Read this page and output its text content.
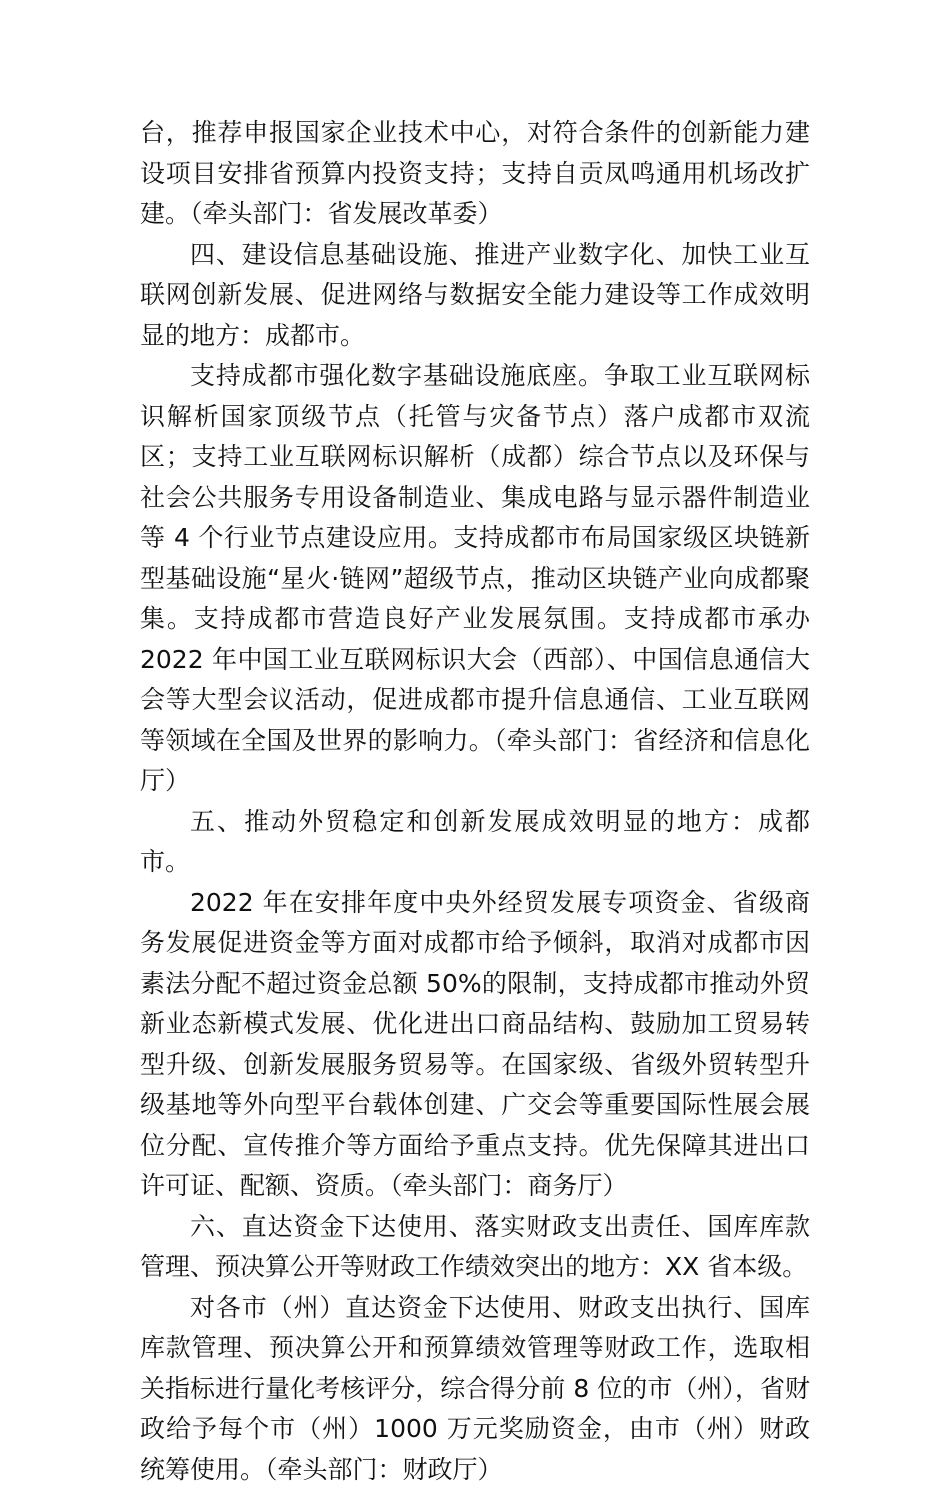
台，推荐申报国家企业技术中心，对符合条件的创新能力建设项目安排省预算内投资支持；支持自贡凤鸣通用机场改扩建。（牵头部门：省发展改革委）

四、建设信息基础设施、推进产业数字化、加快工业互联网创新发展、促进网络与数据安全能力建设等工作成效明显的地方：成都市。

支持成都市强化数字基础设施底座。争取工业互联网标识解析国家顶级节点（托管与灾备节点）落户成都市双流区；支持工业互联网标识解析（成都）综合节点以及环保与社会公共服务专用设备制造业、集成电路与显示器件制造业等 4 个行业节点建设应用。支持成都市布局国家级区块链新型基础设施“星火·链网”超级节点，推动区块链产业向成都聚集。支持成都市营造良好产业发展氛围。支持成都市承办 2022 年中国工业互联网标识大会（西部）、中国信息通信大会等大型会议活动，促进成都市提升信息通信、工业互联网等领域在全国及世界的影响力。（牵头部门：省经济和信息化厅）

五、推动外贸稳定和创新发展成效明显的地方：成都市。

2022 年在安排年度中央外经贸发展专项资金、省级商务发展促进资金等方面对成都市给予倾斜，取消对成都市因素法分配不超过资金总额 50%的限制，支持成都市推动外贸新业态新模式发展、优化进出口商品结构、鼓励加工贸易转型升级、创新发展服务贸易等。在国家级、省级外贸转型升级基地等外向型平台载体创建、广交会等重要国际性展会展位分配、宣传推介等方面给予重点支持。优先保障其进出口许可证、配额、资质。（牵头部门：商务厅）

六、直达资金下达使用、落实财政支出责任、国库库款管理、预决算公开等财政工作绩效突出的地方：XX 省本级。

对各市（州）直达资金下达使用、财政支出执行、国库库款管理、预决算公开和预算绩效管理等财政工作，选取相关指标进行量化考核评分，综合得分前 8 位的市（州），省财政给予每个市（州）1000 万元奖励资金，由市（州）财政统筹使用。（牵头部门：财政厅）
